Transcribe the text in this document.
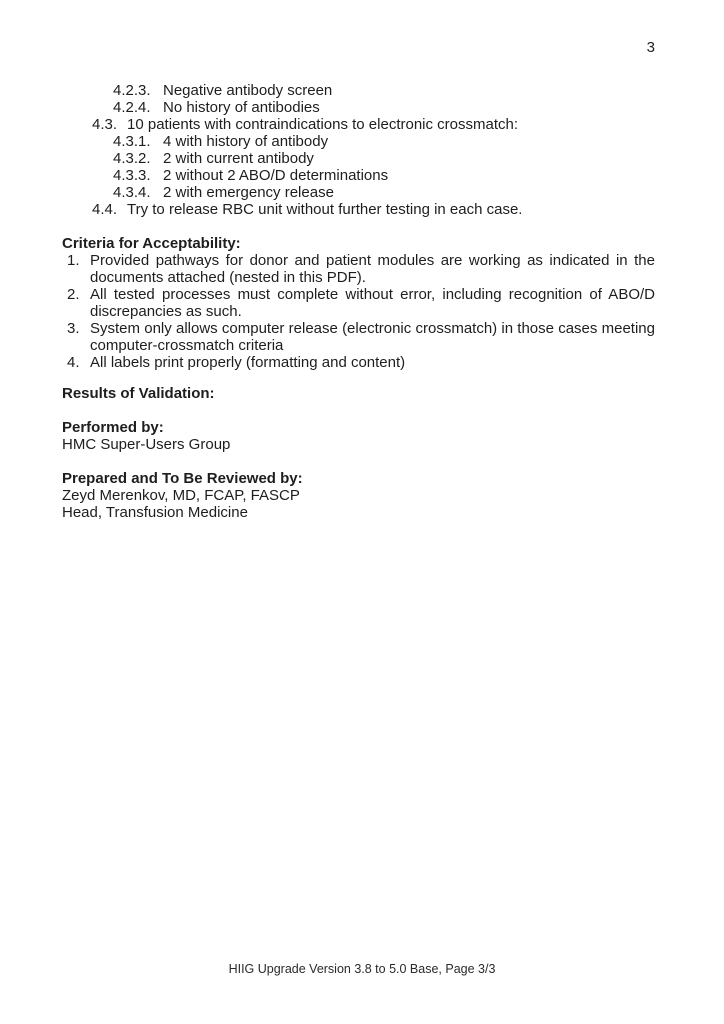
3
4.2.3. Negative antibody screen
4.2.4. No history of antibodies
4.3. 10 patients with contraindications to electronic crossmatch:
4.3.1. 4 with history of antibody
4.3.2. 2 with current antibody
4.3.3. 2 without 2 ABO/D determinations
4.3.4. 2 with emergency release
4.4. Try to release RBC unit without further testing in each case.
Criteria for Acceptability:
1. Provided pathways for donor and patient modules are working as indicated in the documents attached (nested in this PDF).
2. All tested processes must complete without error, including recognition of ABO/D discrepancies as such.
3. System only allows computer release (electronic crossmatch) in those cases meeting computer-crossmatch criteria
4. All labels print properly (formatting and content)
Results of Validation:
Performed by:
HMC Super-Users Group
Prepared and To Be Reviewed by:
Zeyd Merenkov, MD, FCAP, FASCP
Head, Transfusion Medicine
HIIG Upgrade Version 3.8 to 5.0 Base, Page 3/3
